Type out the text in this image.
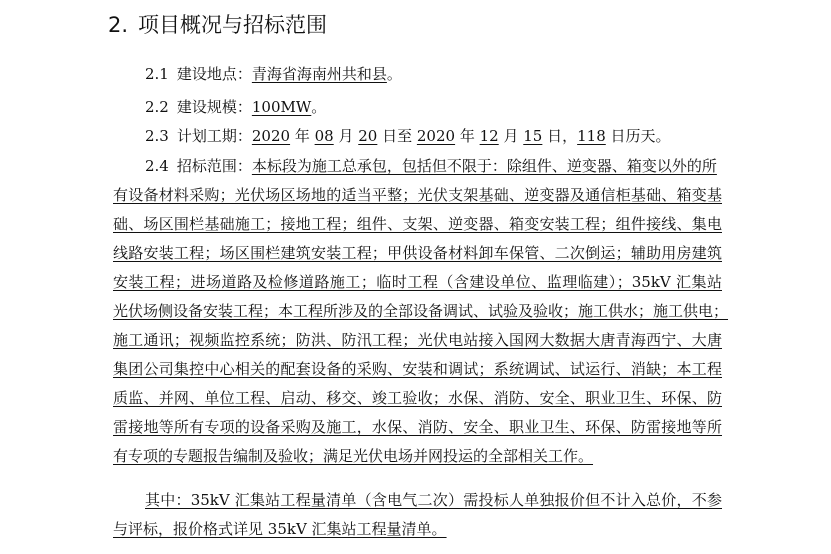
2. 项目概况与招标范围
2.1 建设地点：青海省海南州共和县。
2.2 建设规模：100MW。
2.3 计划工期：2020 年 08 月 20 日至 2020 年 12 月 15 日，118 日历天。
2.4 招标范围：本标段为施工总承包，包括但不限于：除组件、逆变器、箱变以外的所
有设备材料采购；光伏场区场地的适当平整；光伏支架基础、逆变器及通信柜基础、箱变基
础、场区围栏基础施工；接地工程；组件、支架、逆变器、箱变安装工程；组件接线、集电
线路安装工程；场区围栏建筑安装工程；甲供设备材料卸车保管、二次倒运；辅助用房建筑
安装工程；进场道路及检修道路施工；临时工程（含建设单位、监理临建）；35kV 汇集站
光伏场侧设备安装工程；本工程所涉及的全部设备调试、试验及验收；施工供水；施工供电；
施工通讯；视频监控系统；防洪、防汛工程；光伏电站接入国网大数据大唐青海西宁、大唐
集团公司集控中心相关的配套设备的采购、安装和调试；系统调试、试运行、消缺；本工程
质监、并网、单位工程、启动、移交、竣工验收；水保、消防、安全、职业卫生、环保、防
雷接地等所有专项的设备采购及施工，水保、消防、安全、职业卫生、环保、防雷接地等所
有专项的专题报告编制及验收；满足光伏电场并网投运的全部相关工作。
其中：35kV 汇集站工程量清单（含电气二次）需投标人单独报价但不计入总价，不参
与评标，报价格式详见 35kV 汇集站工程量清单。
